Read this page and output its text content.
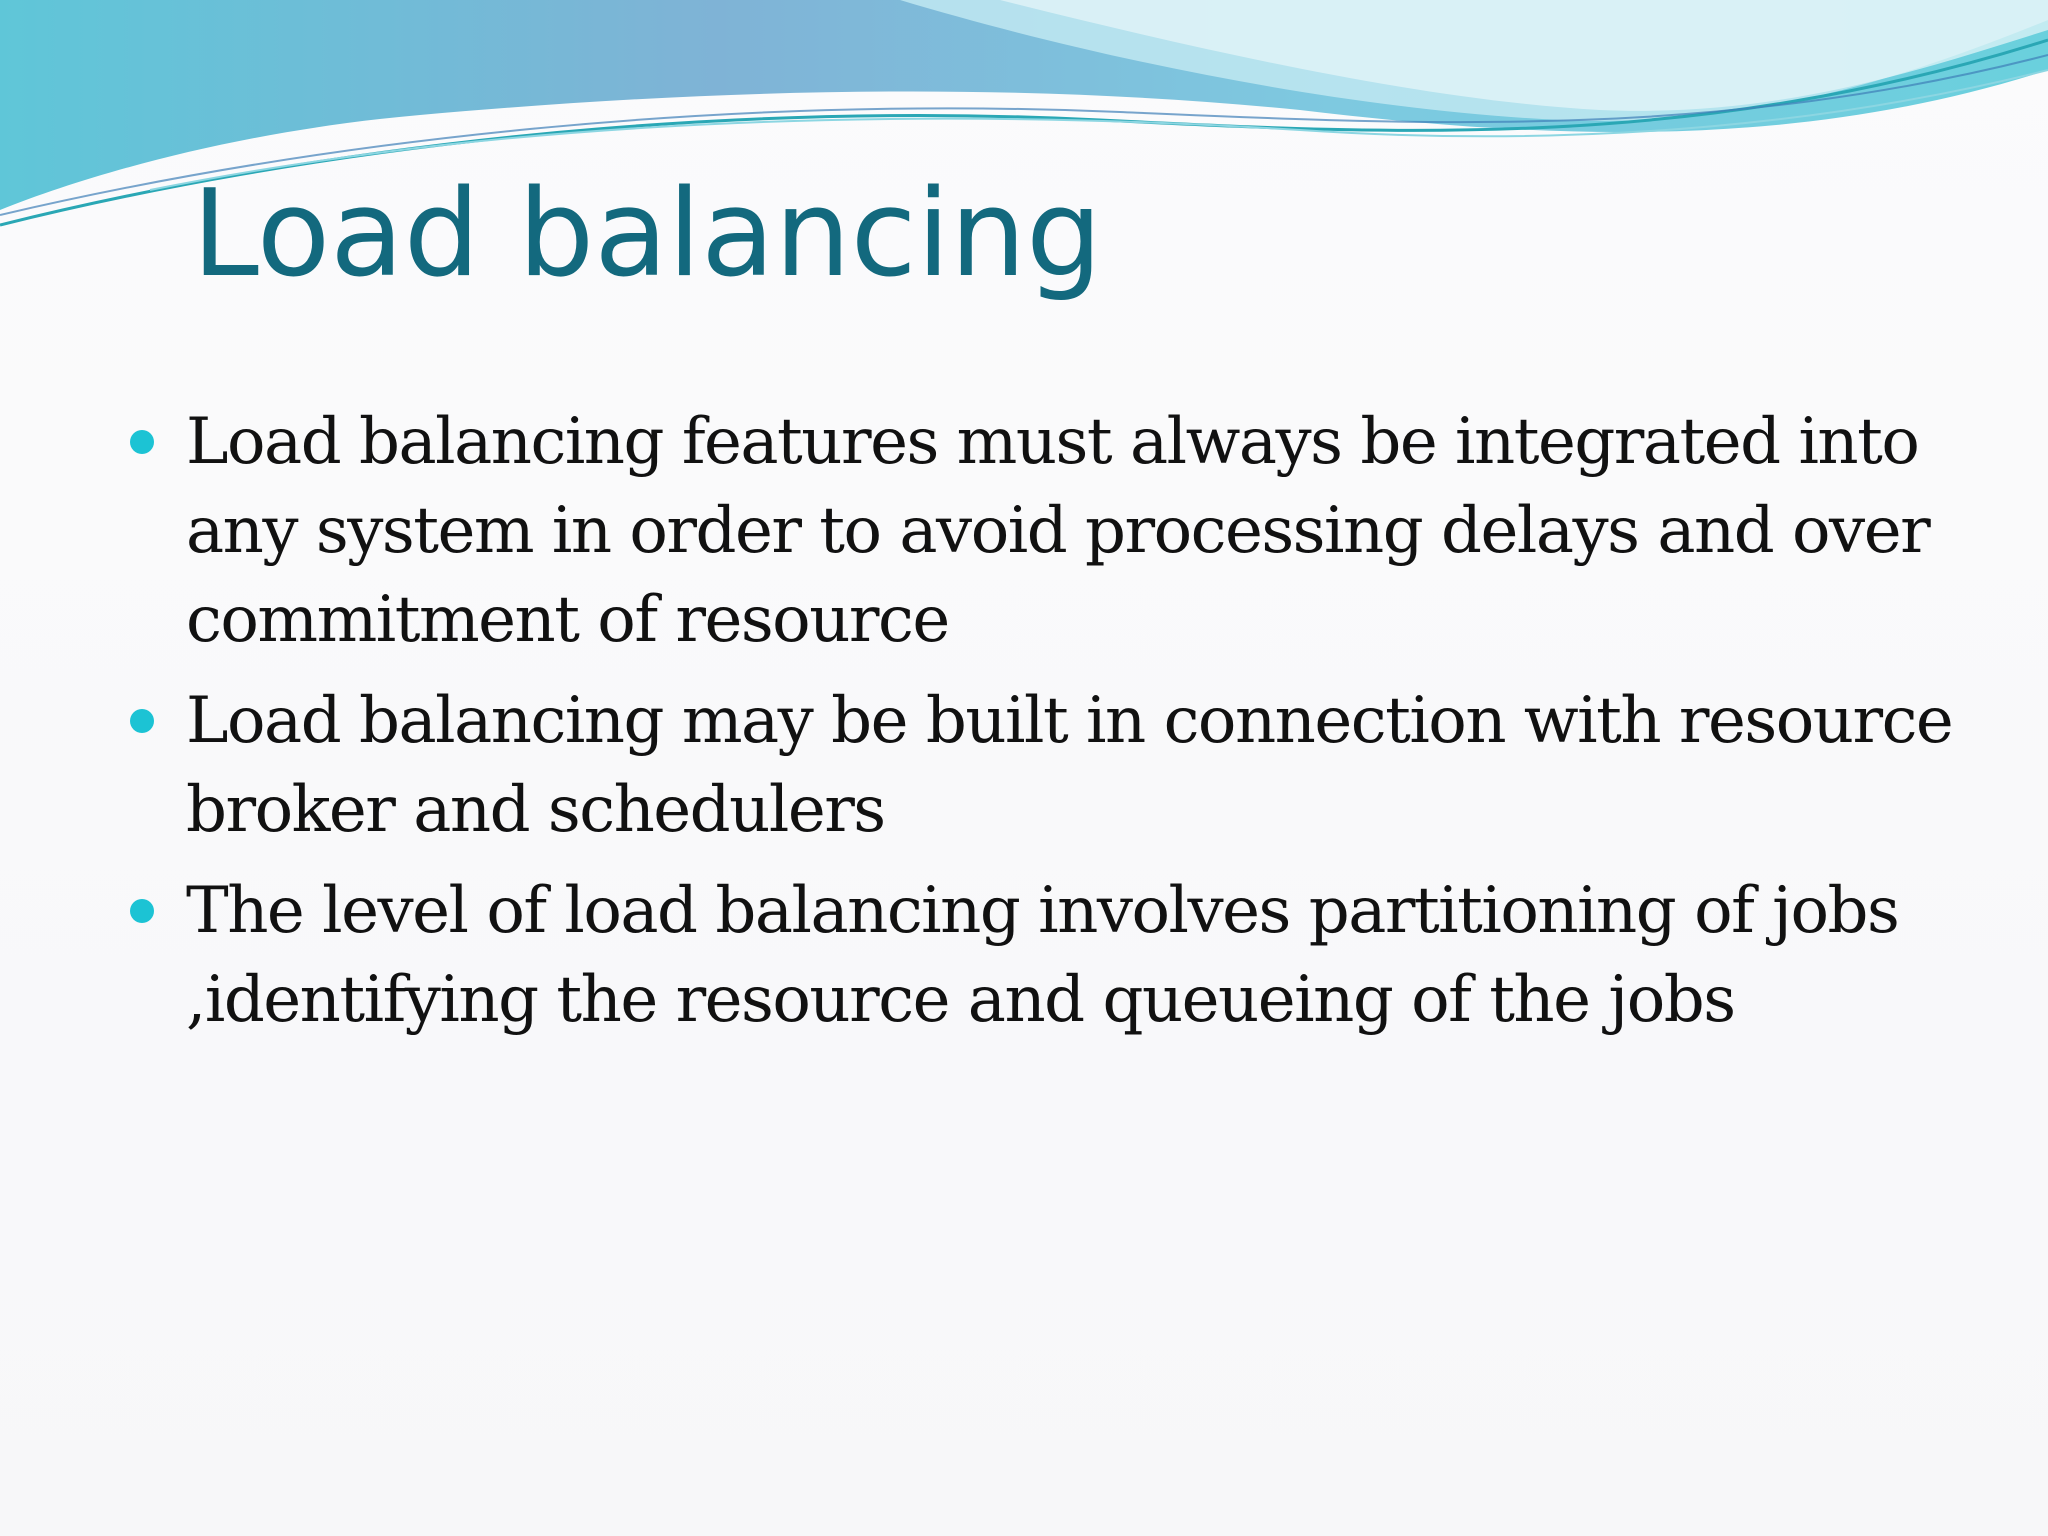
Load balancing
Load balancing features must always be integrated into any system in order to avoid processing delays and over commitment of resource
Load balancing may be built in connection with resource broker and schedulers
The level of load balancing involves partitioning of jobs ,identifying the resource and queueing of the jobs
